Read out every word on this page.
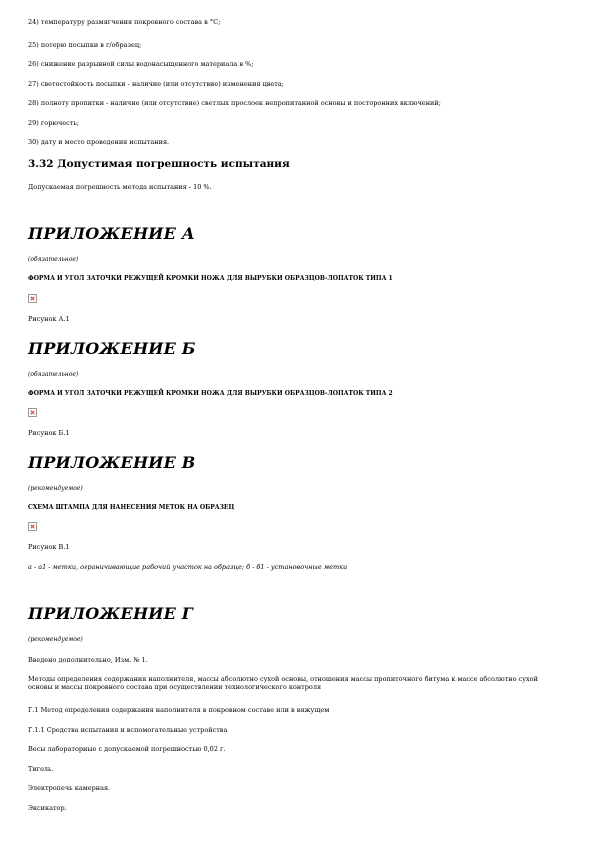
24) температуру размягчения покровного состава в °С;
25) потерю посыпки в г/образец;
26) снижение разрывной силы водонасыщенного материала в %;
27) светостойкость посыпки - наличие (или отсутствие) изменения цвета;
28) полноту пропитки - наличие (или отсутствие) светлых прослоек непропитанной основы и посторонних включений;
29) горючесть;
30) дату и место проведения испытания.
3.32 Допустимая погрешность испытания
Допускаемая погрешность метода испытания - 10 %.
ПРИЛОЖЕНИЕ А
(обязательное)
ФОРМА И УГОЛ ЗАТОЧКИ РЕЖУЩЕЙ КРОМКИ НОЖА ДЛЯ ВЫРУБКИ ОБРАЗЦОВ-ЛОПАТОК ТИПА 1
Рисунок А.1
ПРИЛОЖЕНИЕ Б
(обязательное)
ФОРМА И УГОЛ ЗАТОЧКИ РЕЖУЩЕЙ КРОМКИ НОЖА ДЛЯ ВЫРУБКИ ОБРАЗЦОВ-ЛОПАТОК ТИПА 2
Рисунок Б.1
ПРИЛОЖЕНИЕ В
(рекомендуемое)
СХЕМА ШТАМПА ДЛЯ НАНЕСЕНИЯ МЕТОК НА ОБРАЗЕЦ
Рисунок В.1
а - а1 - метки, ограничивающие рабочий участок на образце; б - б1 - установочные метки
ПРИЛОЖЕНИЕ Г
(рекомендуемое)
Введено дополнительно, Изм. № 1.
Методы определения содержания наполнителя, массы абсолютно сухой основы, отношения массы пропиточного битума к массе абсолютно сухой основы и массы покровного состава при осуществлении технологического контроля
Г.1 Метод определения содержания наполнителя в покровном составе или в вяжущем
Г.1.1 Средства испытания и вспомогательные устройства
Весы лабораторные с допускаемой погрешностью 0,02 г.
Тигель.
Электропечь камерная.
Эксикатор.
